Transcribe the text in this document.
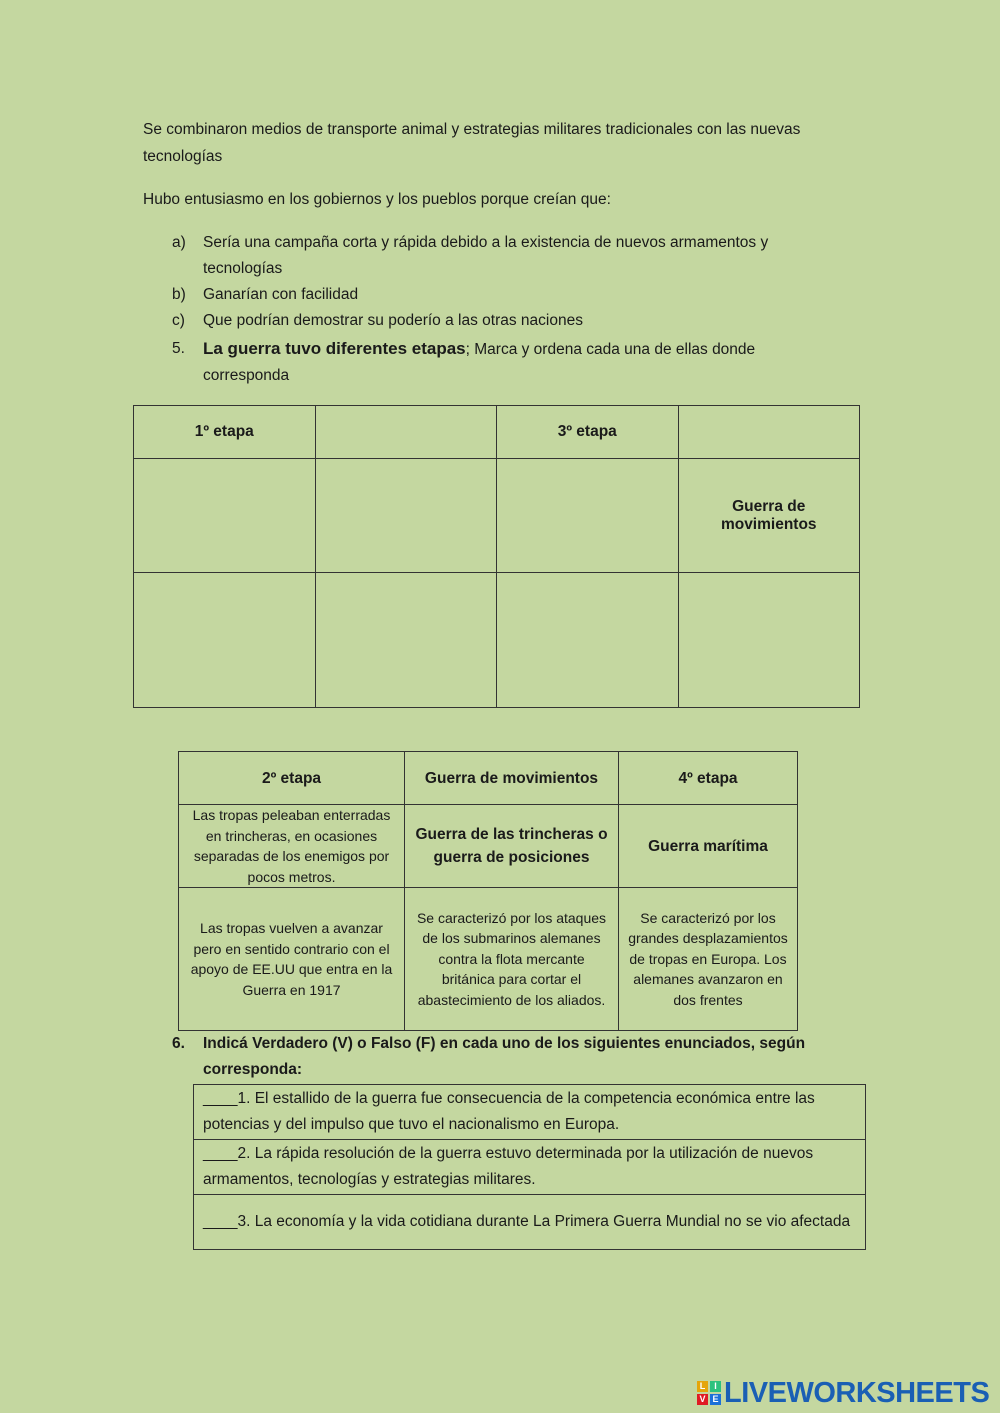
Se combinaron medios de transporte animal y estrategias militares tradicionales con las nuevas tecnologías
Hubo entusiasmo en los gobiernos y los pueblos porque creían que:
a)	Sería una campaña corta y rápida debido a la existencia de nuevos armamentos y tecnologías
b)	Ganarían con facilidad
c)	Que podrían demostrar su poderío a las otras naciones
5.	La guerra tuvo diferentes etapas; Marca y ordena cada una de ellas donde corresponda
1º etapa		3º etapa	
			Guerra de movimientos

2º etapa	Guerra de movimientos	4º etapa
Las tropas peleaban enterradas en trincheras, en ocasiones separadas de los enemigos por pocos metros.	Guerra de las trincheras o guerra de posiciones	Guerra marítima
Las tropas vuelven a avanzar pero en sentido contrario con el apoyo de EE.UU que entra en la Guerra en 1917	Se caracterizó por los ataques de los submarinos alemanes contra la flota mercante británica para cortar el abastecimiento de los aliados.	Se caracterizó por los grandes desplazamientos de tropas en Europa. Los alemanes avanzaron en dos frentes
6.	Indicá Verdadero (V) o Falso (F) en cada uno de los siguientes enunciados, según corresponda:
____1. El estallido de la guerra fue consecuencia de la competencia económica entre las potencias y del impulso que tuvo el nacionalismo en Europa.
____2. La rápida resolución de la guerra estuvo determinada por la utilización de nuevos armamentos, tecnologías y estrategias militares.
____3. La economía y la vida cotidiana durante La Primera Guerra Mundial no se vio afectada
L I
V E LIVEWORKSHEETS
